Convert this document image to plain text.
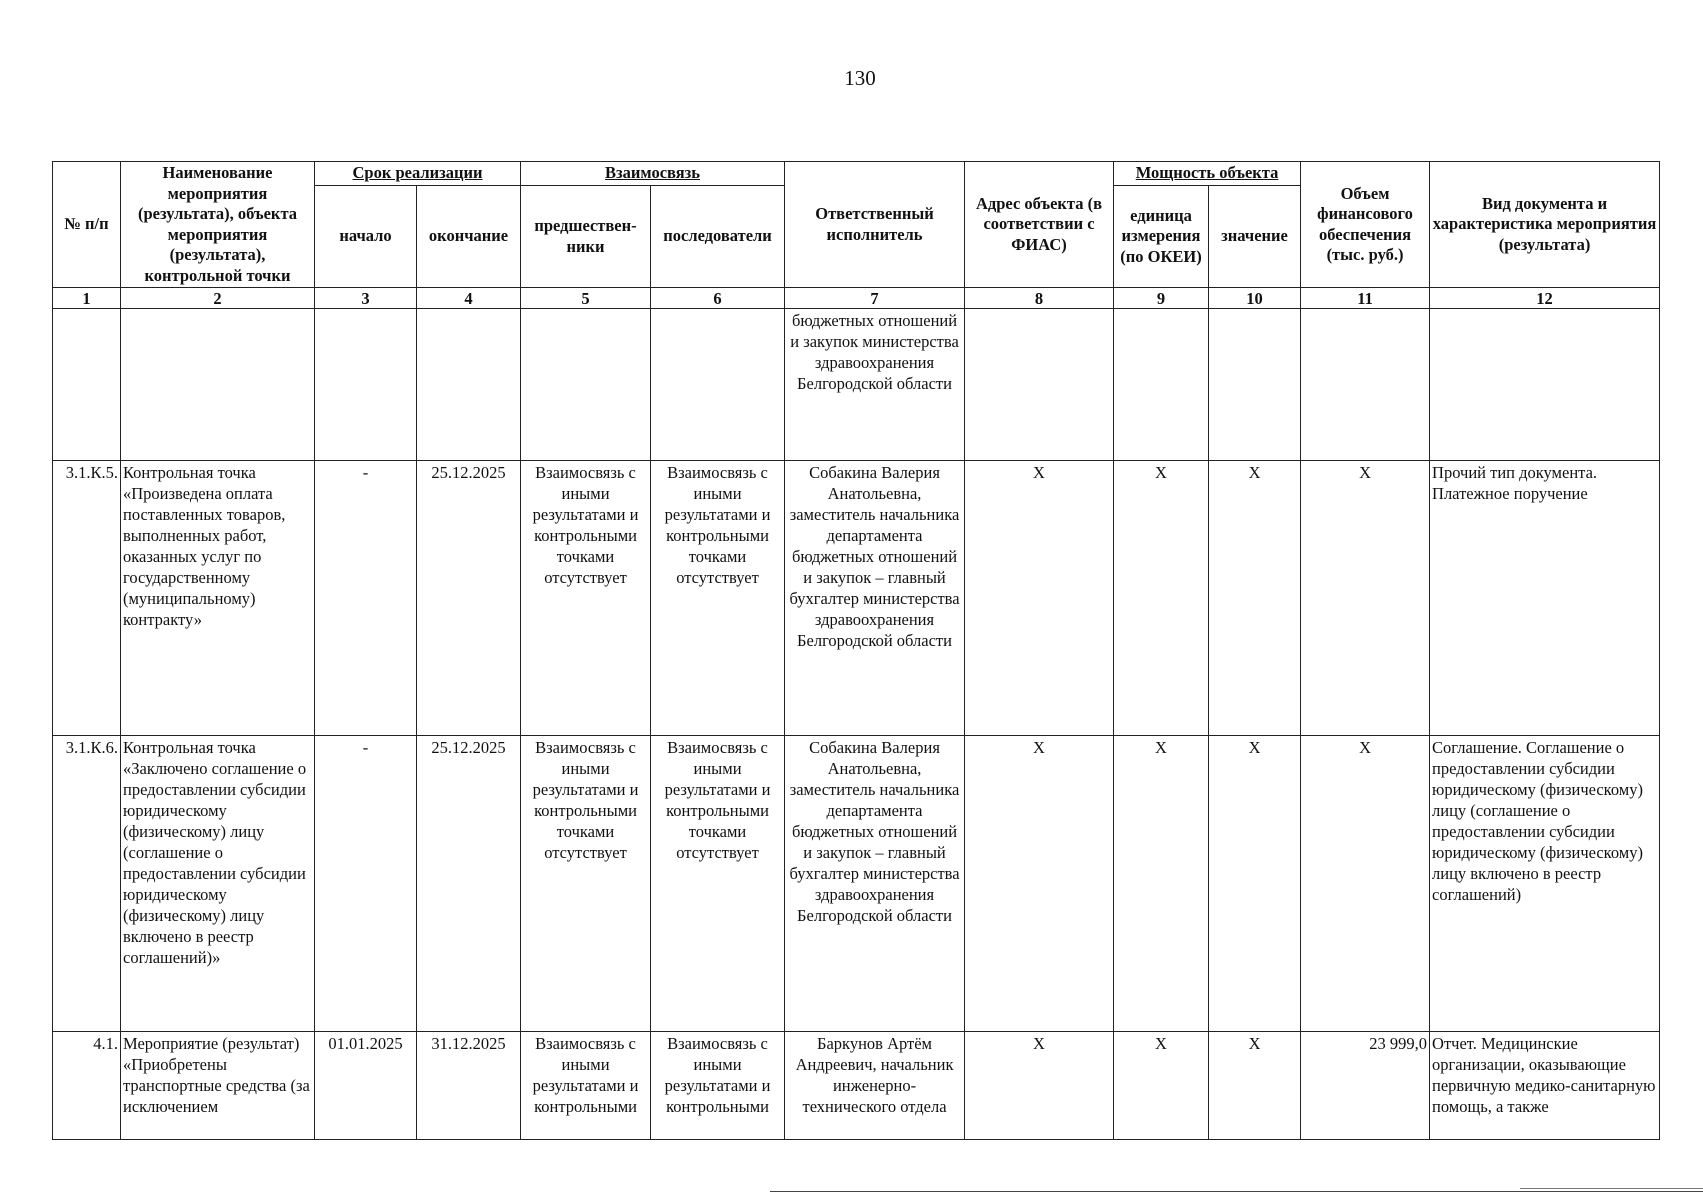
130
№ п/п	Наименование мероприятия (результата), объекта мероприятия (результата), контрольной точки	Срок реализации		Взаимосвязь		Ответственный исполнитель	Адрес объекта (в соответствии с ФИАС)	Мощность объекта		Объем финансового обеспечения (тыс. руб.)	Вид документа и характеристика мероприятия (результата)
		начало	окончание	предшествен-ники	последователи			единица измерения (по ОКЕИ)	значение		
1	2	3	4	5	6	7	8	9	10	11	12
						бюджетных отношений и закупок министерства здравоохранения Белгородской области					
3.1.К.5.	Контрольная точка «Произведена оплата поставленных товаров, выполненных работ, оказанных услуг по государственному (муниципальному) контракту»	-	25.12.2025	Взаимосвязь с иными результатами и контрольными точками отсутствует	Взаимосвязь с иными результатами и контрольными точками отсутствует	Собакина Валерия Анатольевна, заместитель начальника департамента бюджетных отношений и закупок – главный бухгалтер министерства здравоохранения Белгородской области	Х	Х	Х	Х	Прочий тип документа. Платежное поручение
3.1.К.6.	Контрольная точка «Заключено соглашение о предоставлении субсидии юридическому (физическому) лицу (соглашение о предоставлении субсидии юридическому (физическому) лицу включено в реестр соглашений)»	-	25.12.2025	Взаимосвязь с иными результатами и контрольными точками отсутствует	Взаимосвязь с иными результатами и контрольными точками отсутствует	Собакина Валерия Анатольевна, заместитель начальника департамента бюджетных отношений и закупок – главный бухгалтер министерства здравоохранения Белгородской области	Х	Х	Х	Х	Соглашение. Соглашение о предоставлении субсидии юридическому (физическому) лицу (соглашение о предоставлении субсидии юридическому (физическому) лицу включено в реестр соглашений)
4.1.	Мероприятие (результат) «Приобретены транспортные средства (за исключением	01.01.2025	31.12.2025	Взаимосвязь с иными результатами и контрольными	Взаимосвязь с иными результатами и контрольными	Баркунов Артём Андреевич, начальник инженерно-технического отдела	Х	Х	Х	23 999,0	Отчет. Медицинские организации, оказывающие первичную медико-санитарную помощь, а также
